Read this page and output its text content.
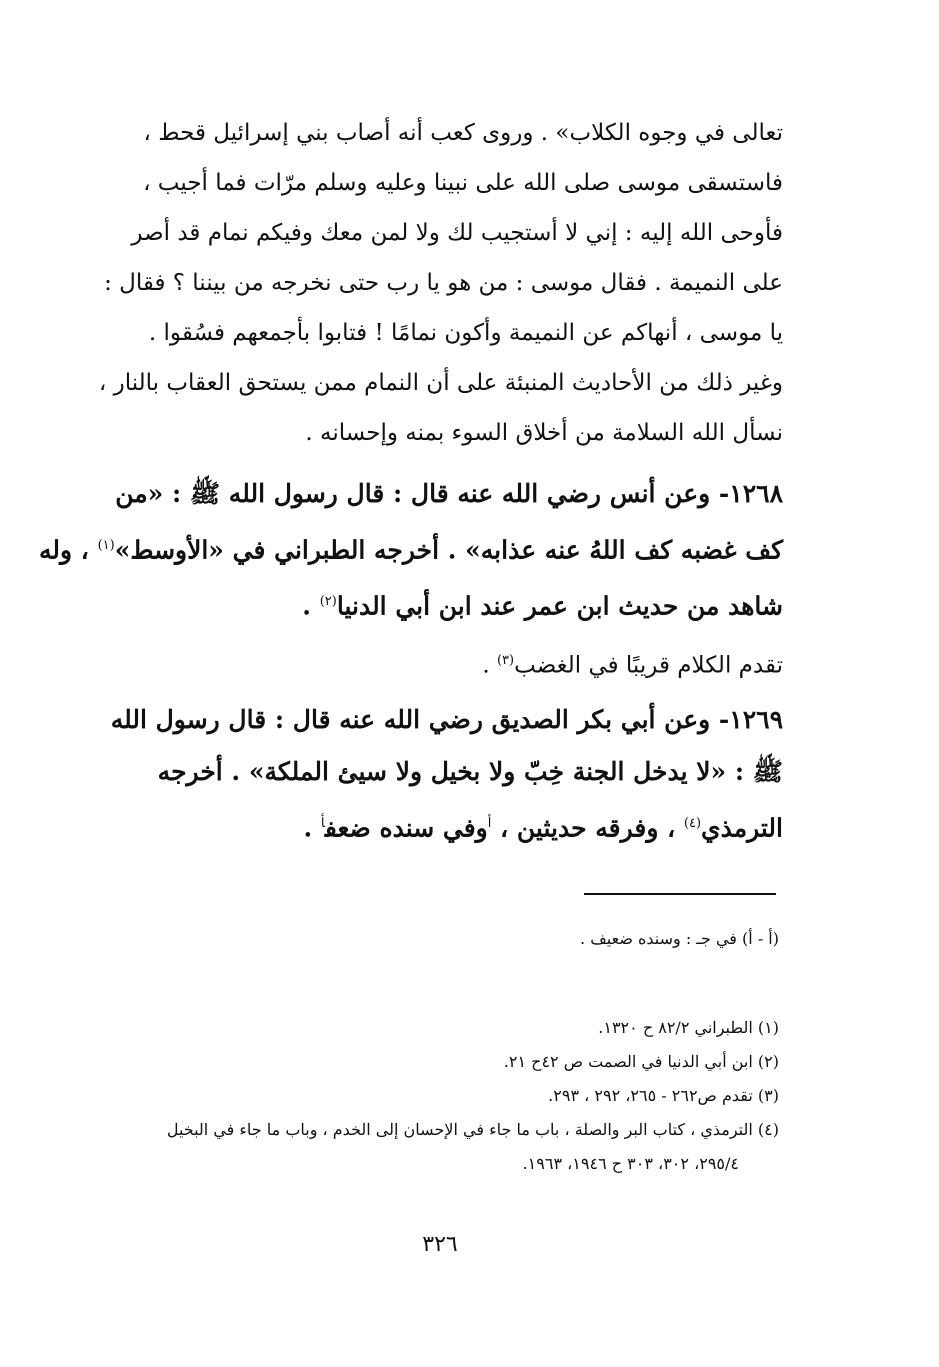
تعالى في وجوه الكلاب» . وروى كعب أنه أصاب بني إسرائيل قحط ،
فاستسقى موسى صلى الله على نبينا وعليه وسلم مرّات فما أجيب ،
فأوحى الله إليه : إني لا أستجيب لك ولا لمن معك وفيكم نمام قد أصر
على النميمة . فقال موسى : من هو يا رب حتى نخرجه من بيننا ؟ فقال :
يا موسى ، أنهاكم عن النميمة وأكون نمامًا ! فتابوا بأجمعهم فسُقوا .
وغير ذلك من الأحاديث المنبئة على أن النمام ممن يستحق العقاب بالنار ،
نسأل الله السلامة من أخلاق السوء بمنه وإحسانه .
١٢٦٨- وعن أنس رضي الله عنه قال : قال رسول الله ﷺ : «من
كف غضبه كف اللهُ عنه عذابه» . أخرجه الطبراني في «الأوسط»$^{(١)}$ ، وله
شاهد من حديث ابن عمر عند ابن أبي الدنيا$^{(٢)}$ .
تقدم الكلام قريبًا في الغضب$^{(٣)}$ .
١٢٦٩- وعن أبي بكر الصديق رضي الله عنه قال : قال رسول الله
ﷺ : «لا يدخل الجنة خِبّ ولا بخيل ولا سيئ الملكة» . أخرجه
الترمذي$^{(٤)}$ ، وفرقه حديثين ، $^أ$وفي سنده ضعف$^أ$ .
(أ - أ) في جـ : وسنده ضعيف .
(١) الطبراني ٨٢/٢ ح ١٣٢٠.
(٢) ابن أبي الدنيا في الصمت ص ٤٢ح ٢١.
(٣) تقدم ص٢٦٢ - ٢٦٥، ٢٩٢ ، ٢٩٣.
(٤) الترمذي ، كتاب البر والصلة ، باب ما جاء في الإحسان إلى الخدم ، وباب ما جاء في البخيل
٢٩٥/٤، ٣٠٢، ٣٠٣ ح ١٩٤٦، ١٩٦٣.
٣٢٦
